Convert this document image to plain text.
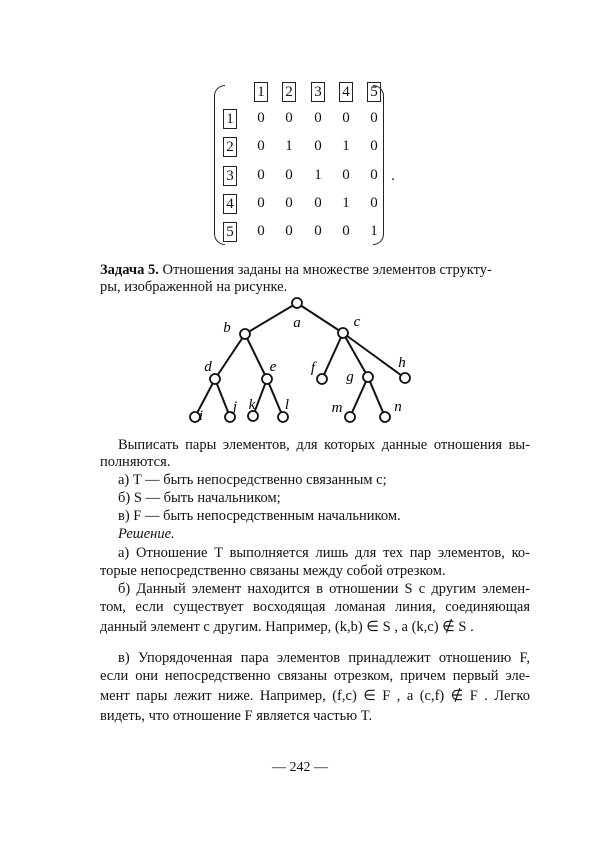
.
1 2 3 4 5
1 0 0 0 0 0
2 0 1 0 1 0
3 0 0 1 0 0
4 0 0 0 1 0
5 0 0 0 0 1
Задача 5. Отношения заданы на множестве элементов структу-
ры, изображенной на рисунке.
a
b	c
d	e f
g
h
i
j k l	m	n
Выписать пары элементов, для которых данные отношения вы-
полняются.
а) T — быть непосредственно связанным с;
б) S — быть начальником;
в) F — быть непосредственным начальником.
Решение.
а) Отношение T выполняется лишь для тех пар элементов, ко-
торые непосредственно связаны между собой отрезком.
б) Данный элемент находится в отношении S с другим элемен-
том, если существует восходящая ломаная линия, соединяющая
данный элемент с другим. Например, (k,b) ∈ S , а (k,c) ∉ S .
в) Упорядоченная пара элементов принадлежит отношению F,
если они непосредственно связаны отрезком, причем первый эле-
мент пары лежит ниже. Например, (f,c) ∈ F , а (c,f) ∉ F . Легко
видеть, что отношение F является частью T.
— 242 —
